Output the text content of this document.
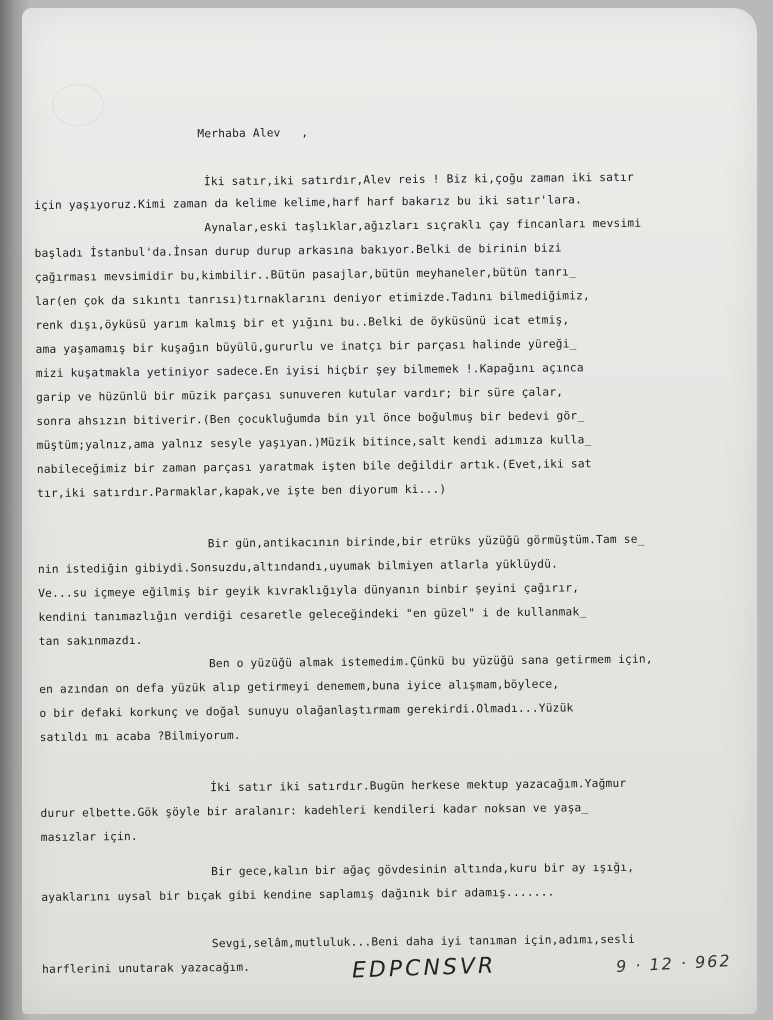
Merhaba Alev   ,
İki satır,iki satırdır,Alev reis ! Biz ki,çoğu zaman iki satır
için yaşıyoruz.Kimi zaman da kelime kelime,harf harf bakarız bu iki satır'lara.
Aynalar,eski taşlıklar,ağızları sıçraklı çay fincanları mevsimi
başladı İstanbul'da.İnsan durup durup arkasına bakıyor.Belki de birinin bizi
çağırması mevsimidir bu,kimbilir..Bütün pasajlar,bütün meyhaneler,bütün tanrı_
lar(en çok da sıkıntı tanrısı)tırnaklarını deniyor etimizde.Tadını bilmediğimiz,
renk dışı,öyküsü yarım kalmış bir et yığını bu..Belki de öyküsünü icat etmiş,
ama yaşamamış bir kuşağın büyülü,gururlu ve inatçı bir parçası halinde yüreği_
mizi kuşatmakla yetiniyor sadece.En iyisi hiçbir şey bilmemek !.Kapağını açınca
garip ve hüzünlü bir müzik parçası sunuveren kutular vardır; bir süre çalar,
sonra ahsızın bitiverir.(Ben çocukluğumda bin yıl önce boğulmuş bir bedevi gör_
müştüm;yalnız,ama yalnız sesyle yaşıyan.)Müzik bitince,salt kendi adımıza kulla_
nabileceğimiz bir zaman parçası yaratmak işten bile değildir artık.(Evet,iki sat
tır,iki satırdır.Parmaklar,kapak,ve işte ben diyorum ki...)
Bir gün,antikacının birinde,bir etrüks yüzüğü görmüştüm.Tam se_
nin istediğin gibiydi.Sonsuzdu,altındandı,uyumak bilmiyen atlarla yüklüydü.
Ve...su içmeye eğilmiş bir geyik kıvraklığıyla dünyanın binbir şeyini çağırır,
kendini tanımazlığın verdiği cesaretle geleceğindeki "en güzel" i de kullanmak_
tan sakınmazdı.
Ben o yüzüğü almak istemedim.Çünkü bu yüzüğü sana getirmem için,
en azından on defa yüzük alıp getirmeyi denemem,buna iyice alışmam,böylece,
o bir defaki korkunç ve doğal sunuyu olağanlaştırmam gerekirdi.Olmadı...Yüzük
satıldı mı acaba ?Bilmiyorum.
İki satır iki satırdır.Bugün herkese mektup yazacağım.Yağmur
durur elbette.Gök şöyle bir aralanır: kadehleri kendileri kadar noksan ve yaşa_
masızlar için.
Bir gece,kalın bir ağaç gövdesinin altında,kuru bir ay ışığı,
ayaklarını uysal bir bıçak gibi kendine saplamış dağınık bir adamış.......
Sevgi,selâm,mutluluk...Beni daha iyi tanıman için,adımı,sesli
harflerini unutarak yazacağım.	EDPCNSVR	9 · 12 · 962
